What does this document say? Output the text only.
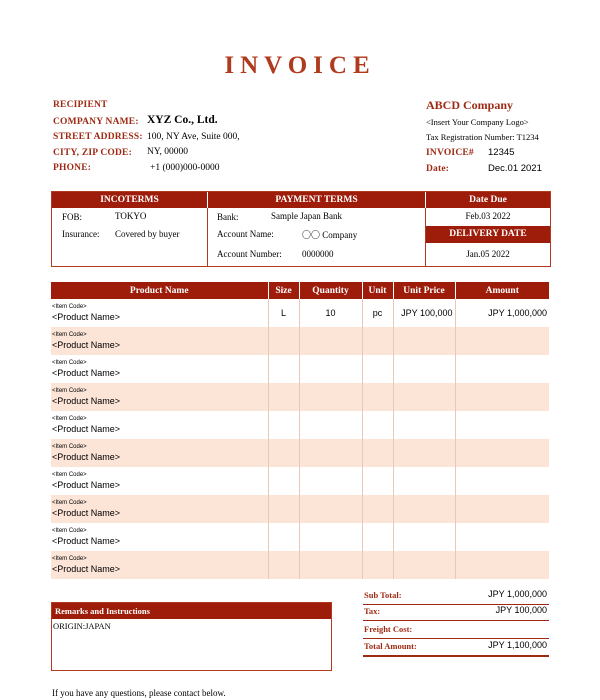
INVOICE
RECIPIENT
COMPANY NAME: XYZ Co., Ltd.
STREET ADDRESS: 100, NY Ave, Suite 000,
CITY, ZIP CODE: NY, 00000
PHONE:	+1 (000)000-0000
ABCD Company
<Insert Your Company Logo>
Tax Registration Number: T1234
INVOICE# 12345
Date:	Dec.01 2021
INCOTERMS	PAYMENT TERMS	Date Due
FOB:	TOKYO
Insurance: Covered by buyer
Bank:	Sample Japan Bank
Account Name:	〇〇 Company
Account Number: 0000000
Feb.03 2022
DELIVERY DATE
Jan.05 2022
Product Name	Size	Quantity	Unit	Unit Price	Amount

<Item Code>
<Product Name>	L	10	pc	JPY 100,000	JPY 1,000,000

<Item Code>
<Product Name>					

<Item Code>
<Product Name>					

<Item Code>
<Product Name>					

<Item Code>
<Product Name>					

<Item Code>
<Product Name>					

<Item Code>
<Product Name>					

<Item Code>
<Product Name>					

<Item Code>
<Product Name>					

<Item Code>
<Product Name>					

Remarks and Instructions
ORIGIN:JAPAN
Sub Total:	JPY 1,000,000
Tax:	JPY 100,000
Freight Cost:
Total Amount:	JPY 1,100,000
If you have any questions, please contact below.
